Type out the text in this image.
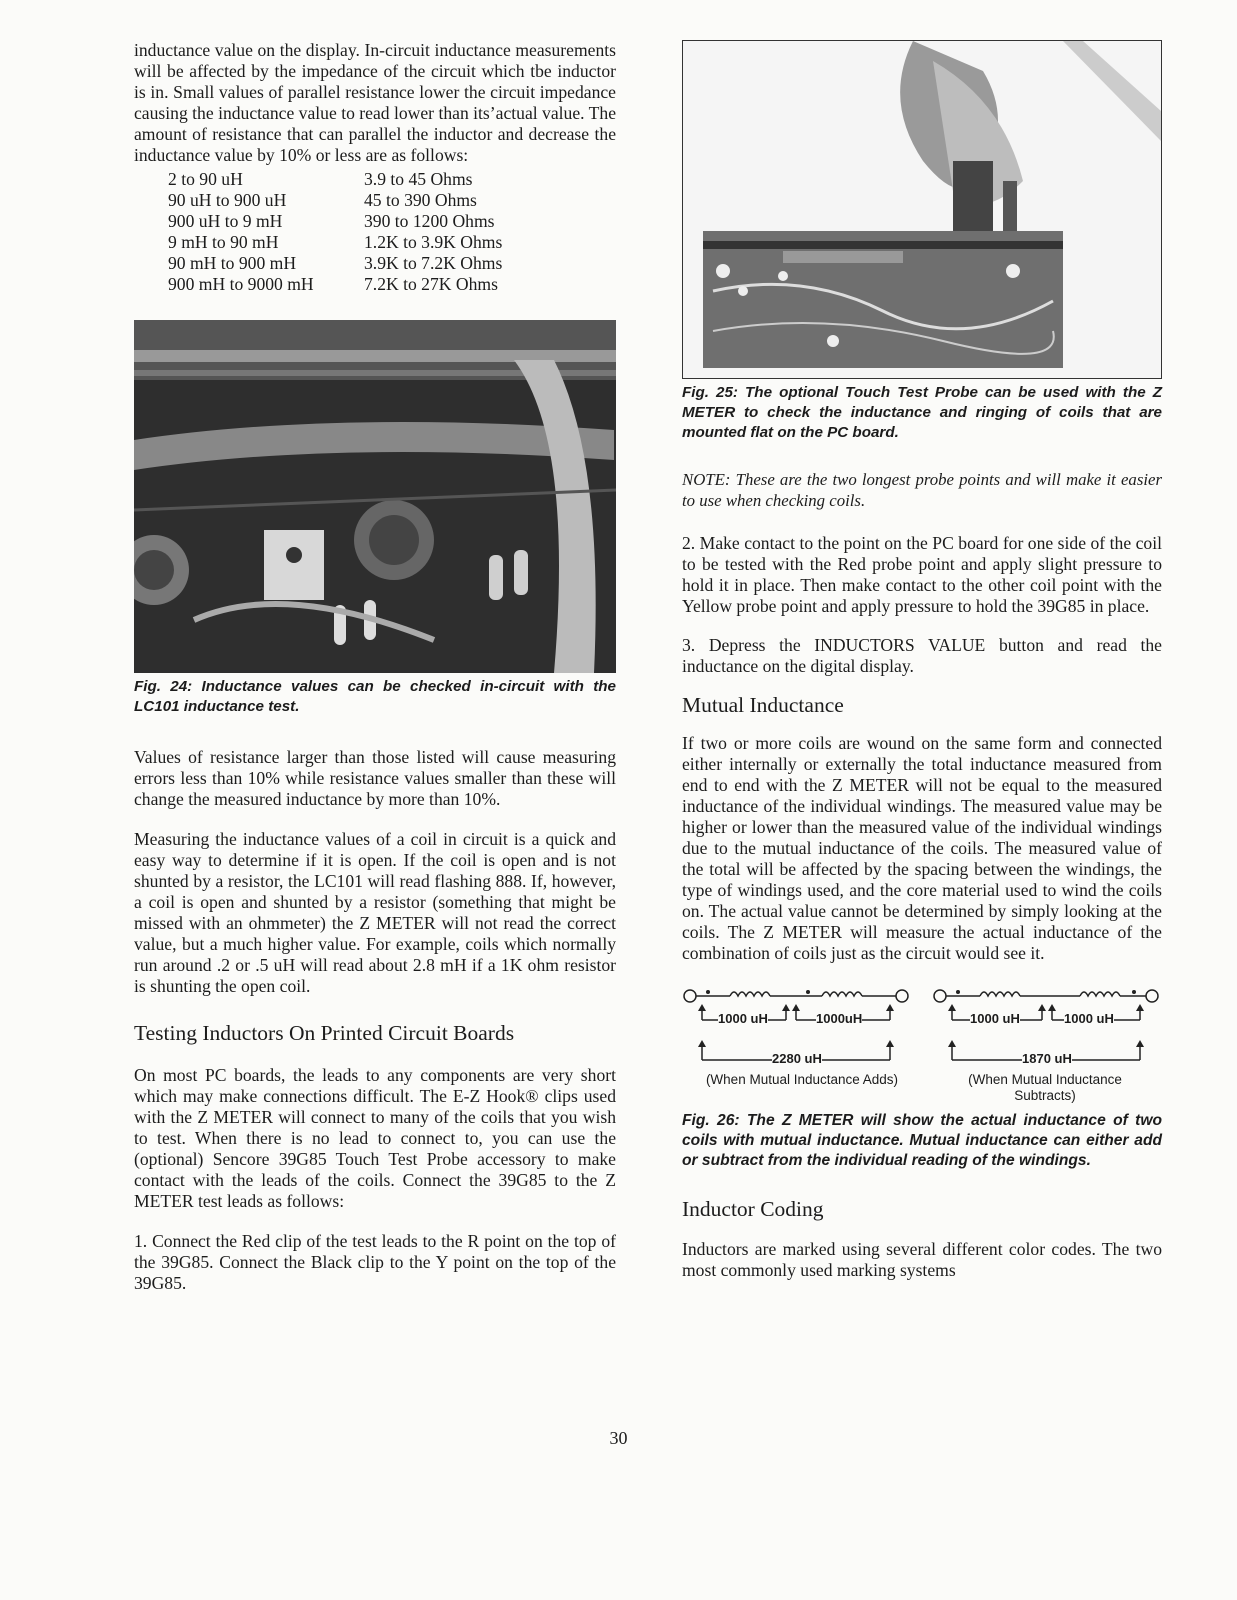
inductance value on the display. In-circuit inductance measurements will be affected by the impedance of the circuit which tbe inductor is in. Small values of parallel resistance lower the circuit impedance causing the inductance value to read lower than its’actual value. The amount of resistance that can parallel the inductor and decrease the inductance value by 10% or less are as follows:

2 to 90 uH	3.9 to 45 Ohms
90 uH to 900 uH	45 to 390 Ohms
900 uH to 9 mH	390 to 1200 Ohms
9 mH to 90 mH	1.2K to 3.9K Ohms
90 mH to 900 mH	3.9K to 7.2K Ohms
900 mH to 9000 mH	7.2K to 27K Ohms

Fig. 24: Inductance values can be checked in-circuit with the LC101 inductance test.

Values of resistance larger than those listed will cause measuring errors less than 10% while resistance values smaller than these will change the measured inductance by more than 10%.

Measuring the inductance values of a coil in circuit is a quick and easy way to determine if it is open. If the coil is open and is not shunted by a resistor, the LC101 will read flashing 888. If, however, a coil is open and shunted by a resistor (something that might be missed with an ohmmeter) the Z METER will not read the correct value, but a much higher value. For example, coils which normally run around .2 or .5 uH will read about 2.8 mH if a 1K ohm resistor is shunting the open coil.

Testing Inductors On Printed Circuit Boards

On most PC boards, the leads to any components are very short which may make connections difficult. The E-Z Hook® clips used with the Z METER will connect to many of the coils that you wish to test. When there is no lead to connect to, you can use the (optional) Sencore 39G85 Touch Test Probe accessory to make contact with the leads of the coils. Connect the 39G85 to the Z METER test leads as follows:

1. Connect the Red clip of the test leads to the R point on the top of the 39G85. Connect the Black clip to the Y point on the top of the 39G85.

Fig. 25: The optional Touch Test Probe can be used with the Z METER to check the inductance and ringing of coils that are mounted flat on the PC board.

NOTE: These are the two longest probe points and will make it easier to use when checking coils.

2. Make contact to the point on the PC board for one side of the coil to be tested with the Red probe point and apply slight pressure to hold it in place. Then make contact to the other coil point with the Yellow probe point and apply pressure to hold the 39G85 in place.

3. Depress the INDUCTORS VALUE button and read the inductance on the digital display.

Mutual Inductance

If two or more coils are wound on the same form and connected either internally or externally the total inductance measured from end to end with the Z METER will not be equal to the measured inductance of the individual windings. The measured value may be higher or lower than the measured value of the individual windings due to the mutual inductance of the coils. The measured value of the total will be affected by the spacing between the windings, the type of windings used, and the core material used to wind the coils on. The actual value cannot be determined by simply looking at the coils. The Z METER will measure the actual inductance of the combination of coils just as the circuit would see it.

1000 uH	1000uH
2280 uH
1000 uH	1000 uH
1870 uH
(When Mutual Inductance Adds)	(When Mutual Inductance Subtracts)

Fig. 26: The Z METER will show the actual inductance of two coils with mutual inductance. Mutual inductance can either add or subtract from the individual reading of the windings.

Inductor Coding

Inductors are marked using several different color codes. The two most commonly used marking systems

30
